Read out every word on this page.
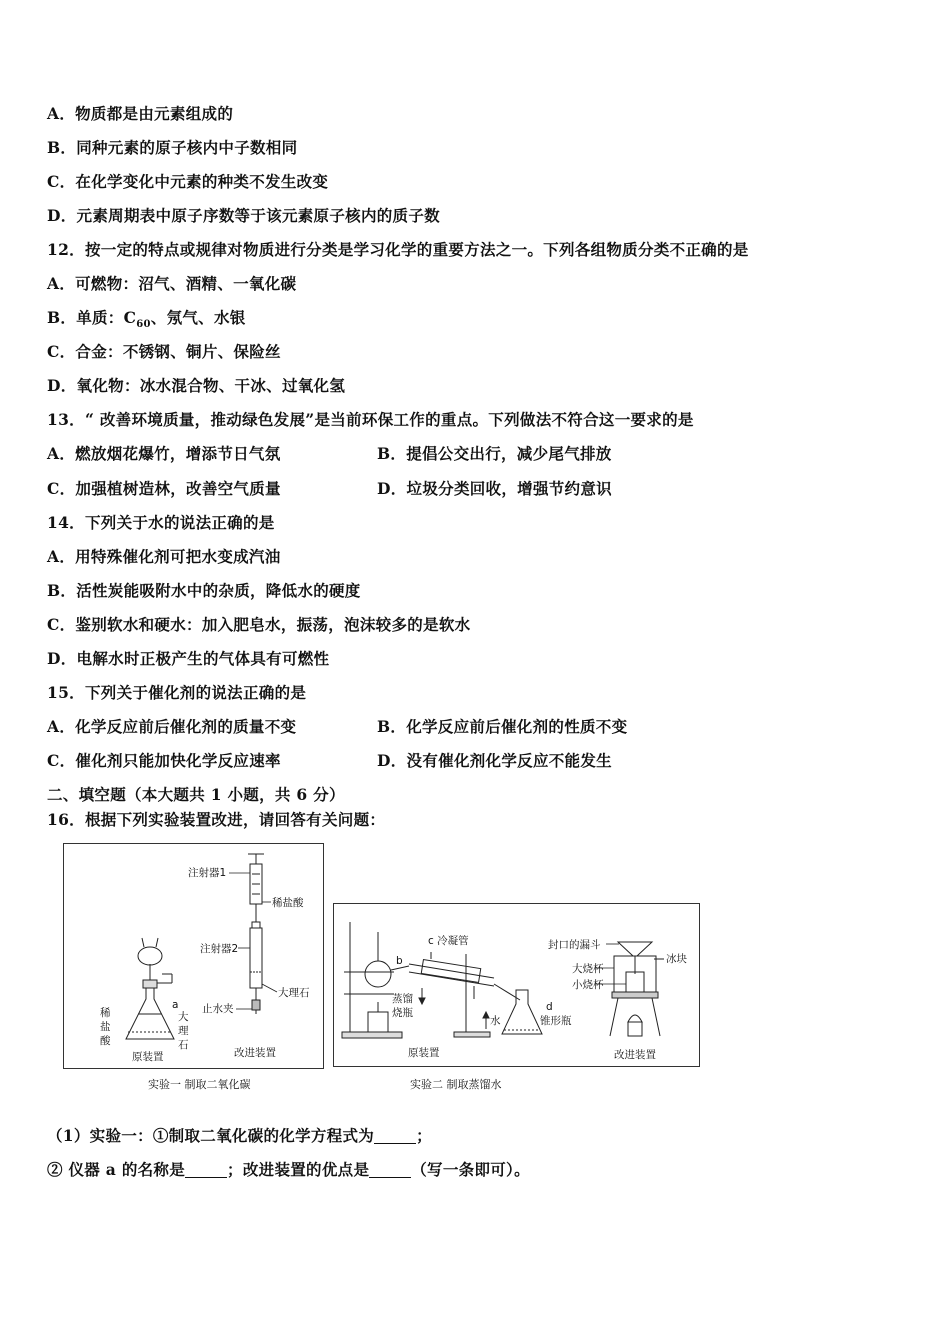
A．物质都是由元素组成的
B．同种元素的原子核内中子数相同
C．在化学变化中元素的种类不发生改变
D．元素周期表中原子序数等于该元素原子核内的质子数
12．按一定的特点或规律对物质进行分类是学习化学的重要方法之一。下列各组物质分类不正确的是
A．可燃物：沼气、酒精、一氧化碳
B．单质：$C_{60}$、氖气、水银
C．合金：不锈钢、铜片、保险丝
D．氧化物：冰水混合物、干冰、过氧化氢
13．“ 改善环境质量，推动绿色发展”是当前环保工作的重点。下列做法不符合这一要求的是
A．燃放烟花爆竹，增添节日气氛	B．提倡公交出行，减少尾气排放
C．加强植树造林，改善空气质量	D．垃圾分类回收，增强节约意识
14．下列关于水的说法正确的是
A．用特殊催化剂可把水变成汽油
B．活性炭能吸附水中的杂质，降低水的硬度
C．鉴别软水和硬水：加入肥皂水，振荡，泡沫较多的是软水
D．电解水时正极产生的气体具有可燃性
15．下列关于催化剂的说法正确的是
A．化学反应前后催化剂的质量不变	B．化学反应前后催化剂的性质不变
C．催化剂只能加快化学反应速率	D．没有催化剂化学反应不能发生
二、填空题（本大题共 1 小题，共 6 分）
16．根据下列实验装置改进，请回答有关问题：
注射器1
稀盐酸
注射器2
大理石
止水夹
a
稀
盐
酸
大
理
石
原装置	改进装置
实验一 制取二氧化碳
c 冷凝管
b
蒸馏
烧瓶
水
d
锥形瓶
原装置
封口的漏斗
冰块
大烧杯
小烧杯
改进装置
实验二 制取蒸馏水
（1）实验一：①制取二氧化碳的化学方程式为	；
② 仪器 a 的名称是	；改进装置的优点是	（写一条即可）。
